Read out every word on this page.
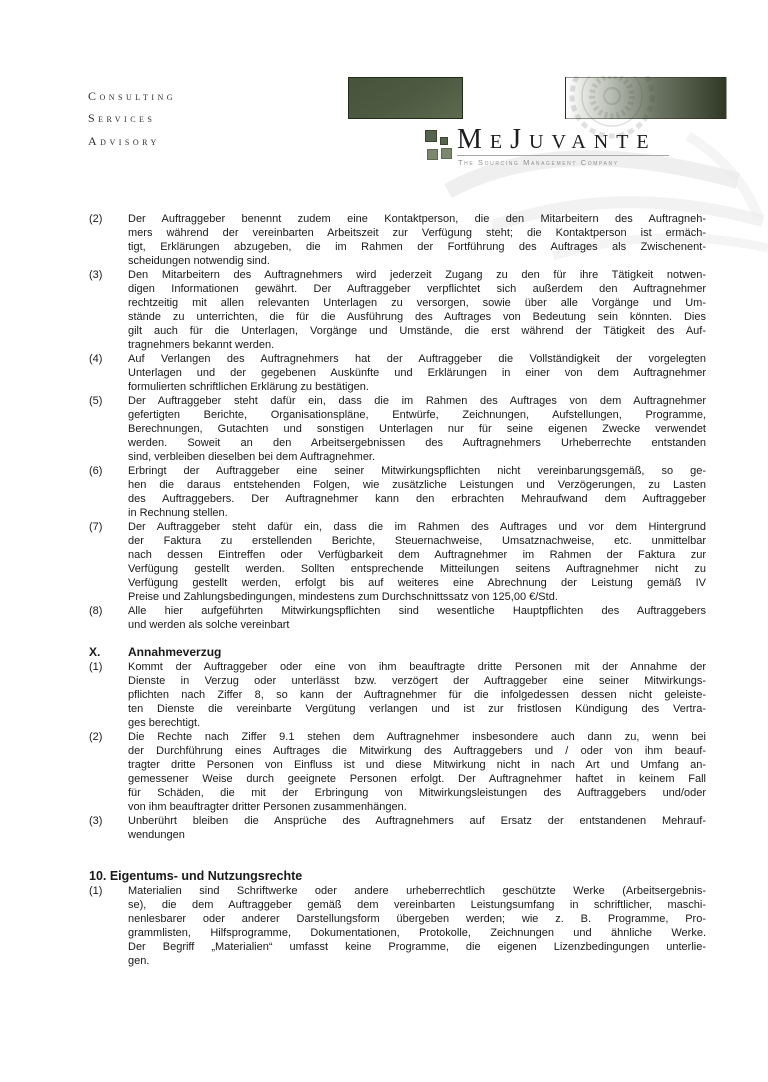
Consulting
Services
Advisory	MeJuvante
The Sourcing Management Company
(2)	Der Auftraggeber benennt zudem eine Kontaktperson, die den Mitarbeitern des Auftragneh-
mers während der vereinbarten Arbeitszeit zur Verfügung steht; die Kontaktperson ist ermäch-
tigt, Erklärungen abzugeben, die im Rahmen der Fortführung des Auftrages als Zwischenent-
scheidungen notwendig sind.
(3)	Den Mitarbeitern des Auftragnehmers wird jederzeit Zugang zu den für ihre Tätigkeit notwen-
digen Informationen gewährt. Der Auftraggeber verpflichtet sich außerdem den Auftragnehmer
rechtzeitig mit allen relevanten Unterlagen zu versorgen, sowie über alle Vorgänge und Um-
stände zu unterrichten, die für die Ausführung des Auftrages von Bedeutung sein könnten. Dies
gilt auch für die Unterlagen, Vorgänge und Umstände, die erst während der Tätigkeit des Auf-
tragnehmers bekannt werden.
(4)	Auf Verlangen des Auftragnehmers hat der Auftraggeber die Vollständigkeit der vorgelegten
Unterlagen und der gegebenen Auskünfte und Erklärungen in einer von dem Auftragnehmer
formulierten schriftlichen Erklärung zu bestätigen.
(5)	Der Auftraggeber steht dafür ein, dass die im Rahmen des Auftrages von dem Auftragnehmer
gefertigten Berichte, Organisationspläne, Entwürfe, Zeichnungen, Aufstellungen, Programme,
Berechnungen, Gutachten und sonstigen Unterlagen nur für seine eigenen Zwecke verwendet
werden. Soweit an den Arbeitsergebnissen des Auftragnehmers Urheberrechte entstanden
sind, verbleiben dieselben bei dem Auftragnehmer.
(6)	Erbringt der Auftraggeber eine seiner Mitwirkungspflichten nicht vereinbarungsgemäß, so ge-
hen die daraus entstehenden Folgen, wie zusätzliche Leistungen und Verzögerungen, zu Lasten
des Auftraggebers. Der Auftragnehmer kann den erbrachten Mehraufwand dem Auftraggeber
in Rechnung stellen.
(7)	Der Auftraggeber steht dafür ein, dass die im Rahmen des Auftrages und vor dem Hintergrund
der Faktura zu erstellenden Berichte, Steuernachweise, Umsatznachweise, etc. unmittelbar
nach dessen Eintreffen oder Verfügbarkeit dem Auftragnehmer im Rahmen der Faktura zur
Verfügung gestellt werden. Sollten entsprechende Mitteilungen seitens Auftragnehmer nicht zu
Verfügung gestellt werden, erfolgt bis auf weiteres eine Abrechnung der Leistung gemäß IV
Preise und Zahlungsbedingungen, mindestens zum Durchschnittssatz von 125,00 €/Std.
(8)	Alle hier aufgeführten Mitwirkungspflichten sind wesentliche Hauptpflichten des Auftraggebers
und werden als solche vereinbart
X.	Annahmeverzug
(1)	Kommt der Auftraggeber oder eine von ihm beauftragte dritte Personen mit der Annahme der
Dienste in Verzug oder unterlässt bzw. verzögert der Auftraggeber eine seiner Mitwirkungs-
pflichten nach Ziffer 8, so kann der Auftragnehmer für die infolgedessen dessen nicht geleiste-
ten Dienste die vereinbarte Vergütung verlangen und ist zur fristlosen Kündigung des Vertra-
ges berechtigt.
(2)	Die Rechte nach Ziffer 9.1 stehen dem Auftragnehmer insbesondere auch dann zu, wenn bei
der Durchführung eines Auftrages die Mitwirkung des Auftraggebers und / oder von ihm beauf-
tragter dritte Personen von Einfluss ist und diese Mitwirkung nicht in nach Art und Umfang an-
gemessener Weise durch geeignete Personen erfolgt. Der Auftragnehmer haftet in keinem Fall
für Schäden, die mit der Erbringung von Mitwirkungsleistungen des Auftraggebers und/oder
von ihm beauftragter dritter Personen zusammenhängen.
(3)	Unberührt bleiben die Ansprüche des Auftragnehmers auf Ersatz der entstandenen Mehrauf-
wendungen
10. Eigentums- und Nutzungsrechte
(1)	Materialien sind Schriftwerke oder andere urheberrechtlich geschützte Werke (Arbeitsergebnis-
se), die dem Auftraggeber gemäß dem vereinbarten Leistungsumfang in schriftlicher, maschi-
nenlesbarer oder anderer Darstellungsform übergeben werden; wie z. B. Programme, Pro-
grammlisten, Hilfsprogramme, Dokumentationen, Protokolle, Zeichnungen und ähnliche Werke.
Der Begriff „Materialien“ umfasst keine Programme, die eigenen Lizenzbedingungen unterlie-
gen.
